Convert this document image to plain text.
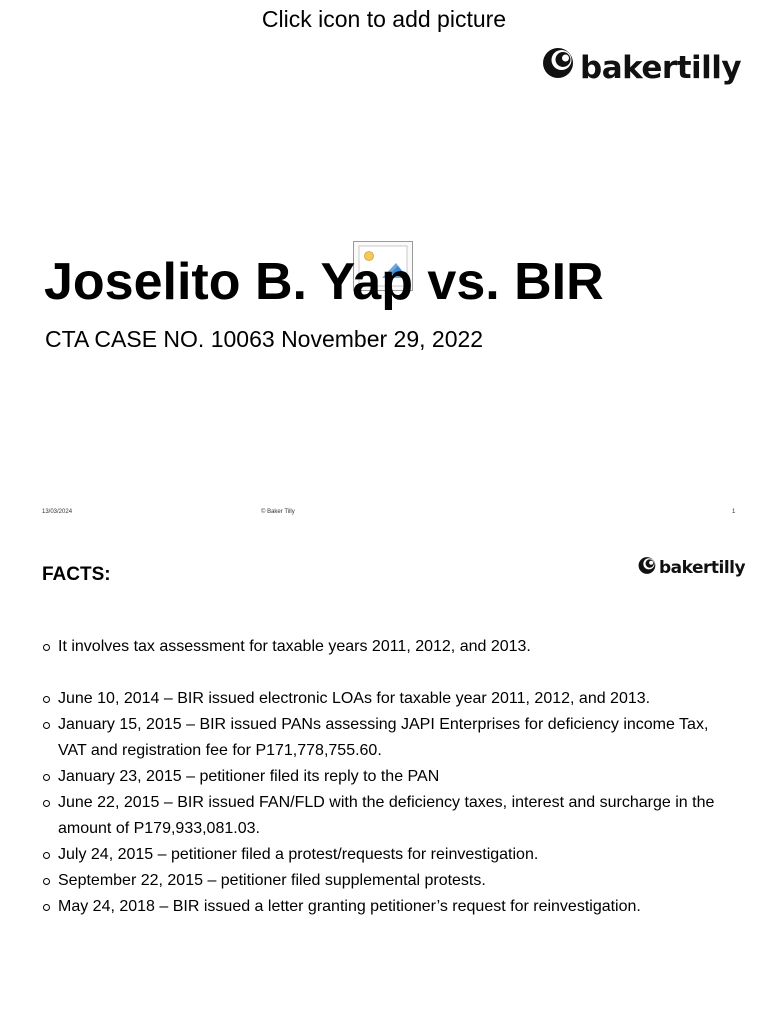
Click icon to add picture
bakertilly
Joselito B. Yap vs. BIR

CTA CASE NO. 10063 November 29, 2022

13/03/2024	© Baker Tilly	1
FACTS:	bakertilly
It involves tax assessment for taxable years 2011, 2012, and 2013.
June 10, 2014 – BIR issued electronic LOAs for taxable year 2011, 2012, and 2013.
January 15, 2015 – BIR issued PANs assessing JAPI Enterprises for deficiency income Tax, VAT and registration fee for P171,778,755.60.
January 23, 2015 – petitioner filed its reply to the PAN
June 22, 2015 – BIR issued FAN/FLD with the deficiency taxes, interest and surcharge in the amount of P179,933,081.03.
July 24, 2015 – petitioner filed a protest/requests for reinvestigation.
September 22, 2015 – petitioner filed supplemental protests.
May 24, 2018 – BIR issued a letter granting petitioner’s request for reinvestigation.
